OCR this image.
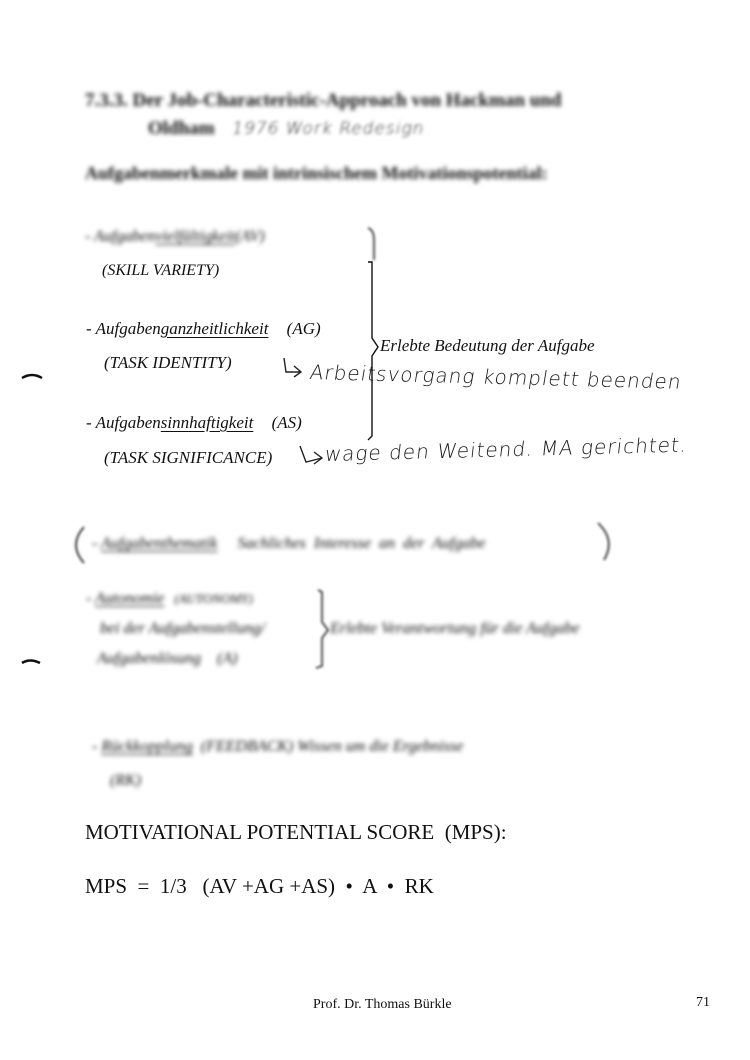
7.3.3. Der Job-Characteristic-Approach von Hackman und
Oldham 1976 Work Redesign
Aufgabenmerkmale mit intrinsischem Motivationspotential:
- Aufgabenvielfältigkeit(AV)
(SKILL VARIETY)
- Aufgabenganzheitlichkeit (AG)
(TASK IDENTITY)	Arbeitsvorgang komplett beenden
Erlebte Bedeutung der Aufgabe
- Aufgabensinnhaftigkeit (AS)
(TASK SIGNIFICANCE)	wage den Weitend. MA gerichtet.
- Aufgabenthematik Sachliches Interesse an der Aufgabe
- Autonomie (AUTONOMY)
bei der Aufgabenstellung/
Aufgabenlösung (A)
Erlebte Verantwortung für die Aufgabe
- Rückkopplung (FEEDBACK) Wissen um die Ergebnisse
(RK)
MOTIVATIONAL POTENTIAL SCORE  (MPS):
MPS  =  1/3   (AV +AG +AS)  •  A  •  RK
Prof. Dr. Thomas Bürkle	71
